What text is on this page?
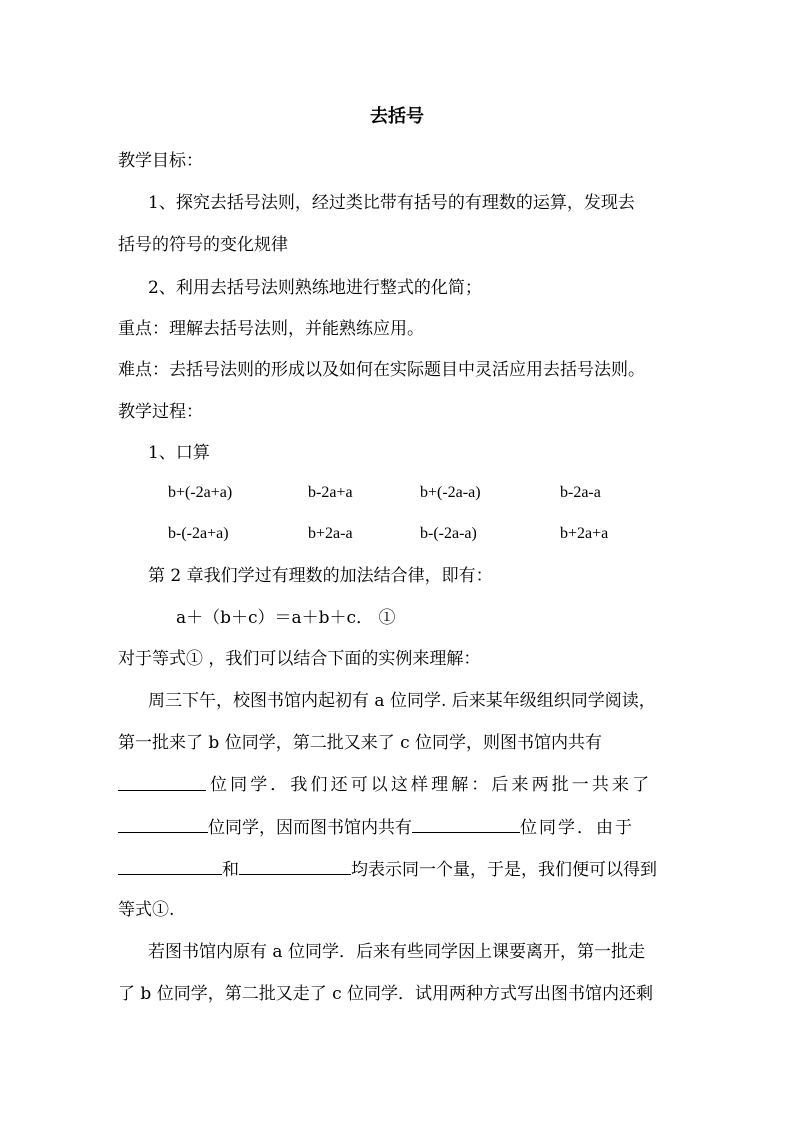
去括号
教学目标：
1、探究去括号法则，经过类比带有括号的有理数的运算，发现去
括号的符号的变化规律
2、利用去括号法则熟练地进行整式的化简；
重点：理解去括号法则，并能熟练应用。
难点：去括号法则的形成以及如何在实际题目中灵活应用去括号法则。
教学过程：
1、口算
b+(-2a+a)	b-2a+a	b+(-2a-a)	b-2a-a
b-(-2a+a)	b+2a-a	b-(-2a-a)	b+2a+a
第 2 章我们学过有理数的加法结合律，即有：
a＋（b＋c）＝a＋b＋c． ①
对于等式① ，我们可以结合下面的实例来理解：
周三下午，校图书馆内起初有 a 位同学. 后来某年级组织同学阅读，
第一批来了 b 位同学，第二批又来了 c 位同学，则图书馆内共有
位同学．我们还可以这样理解：后来两批一共来了
位同学，因而图书馆内共有	位同学．由于
和	均表示同一个量，于是，我们便可以得到
等式①.
若图书馆内原有 a 位同学．后来有些同学因上课要离开，第一批走
了 b 位同学，第二批又走了 c 位同学．试用两种方式写出图书馆内还剩
